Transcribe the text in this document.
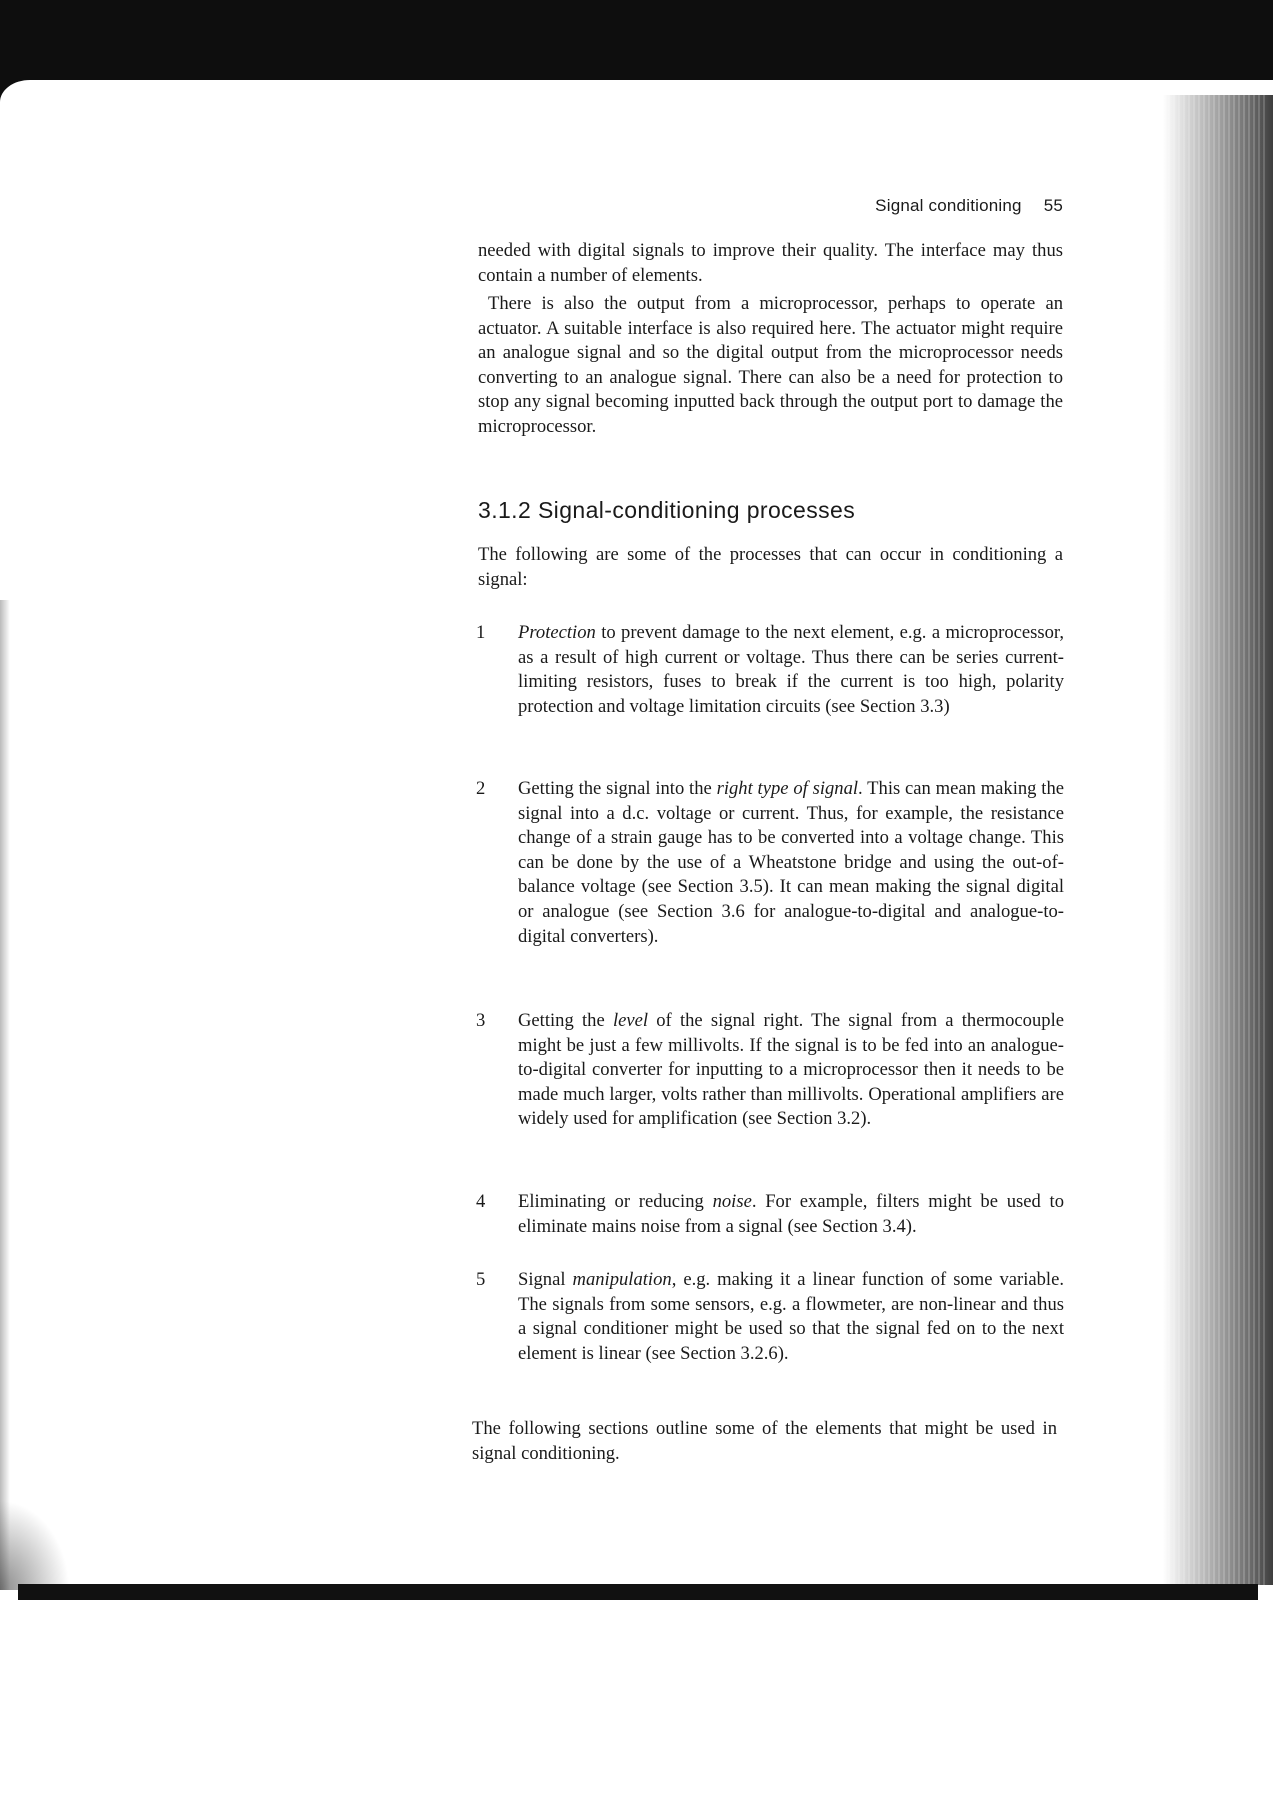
Signal conditioning 55
needed with digital signals to improve their quality. The interface may thus contain a number of elements.
There is also the output from a microprocessor, perhaps to operate an actuator. A suitable interface is also required here. The actuator might require an analogue signal and so the digital output from the microprocessor needs converting to an analogue signal. There can also be a need for protection to stop any signal becoming inputted back through the output port to damage the microprocessor.
3.1.2 Signal-conditioning processes
The following are some of the processes that can occur in conditioning a signal:
1	Protection to prevent damage to the next element, e.g. a microprocessor, as a result of high current or voltage. Thus there can be series current-limiting resistors, fuses to break if the current is too high, polarity protection and voltage limitation circuits (see Section 3.3)
2	Getting the signal into the right type of signal. This can mean making the signal into a d.c. voltage or current. Thus, for example, the resistance change of a strain gauge has to be converted into a voltage change. This can be done by the use of a Wheatstone bridge and using the out-of-balance voltage (see Section 3.5). It can mean making the signal digital or analogue (see Section 3.6 for analogue-to-digital and analogue-to-digital converters).
3	Getting the level of the signal right. The signal from a thermocouple might be just a few millivolts. If the signal is to be fed into an analogue-to-digital converter for inputting to a microprocessor then it needs to be made much larger, volts rather than millivolts. Operational amplifiers are widely used for amplification (see Section 3.2).
4	Eliminating or reducing noise. For example, filters might be used to eliminate mains noise from a signal (see Section 3.4).
5	Signal manipulation, e.g. making it a linear function of some variable. The signals from some sensors, e.g. a flowmeter, are non-linear and thus a signal conditioner might be used so that the signal fed on to the next element is linear (see Section 3.2.6).
The following sections outline some of the elements that might be used in signal conditioning.
